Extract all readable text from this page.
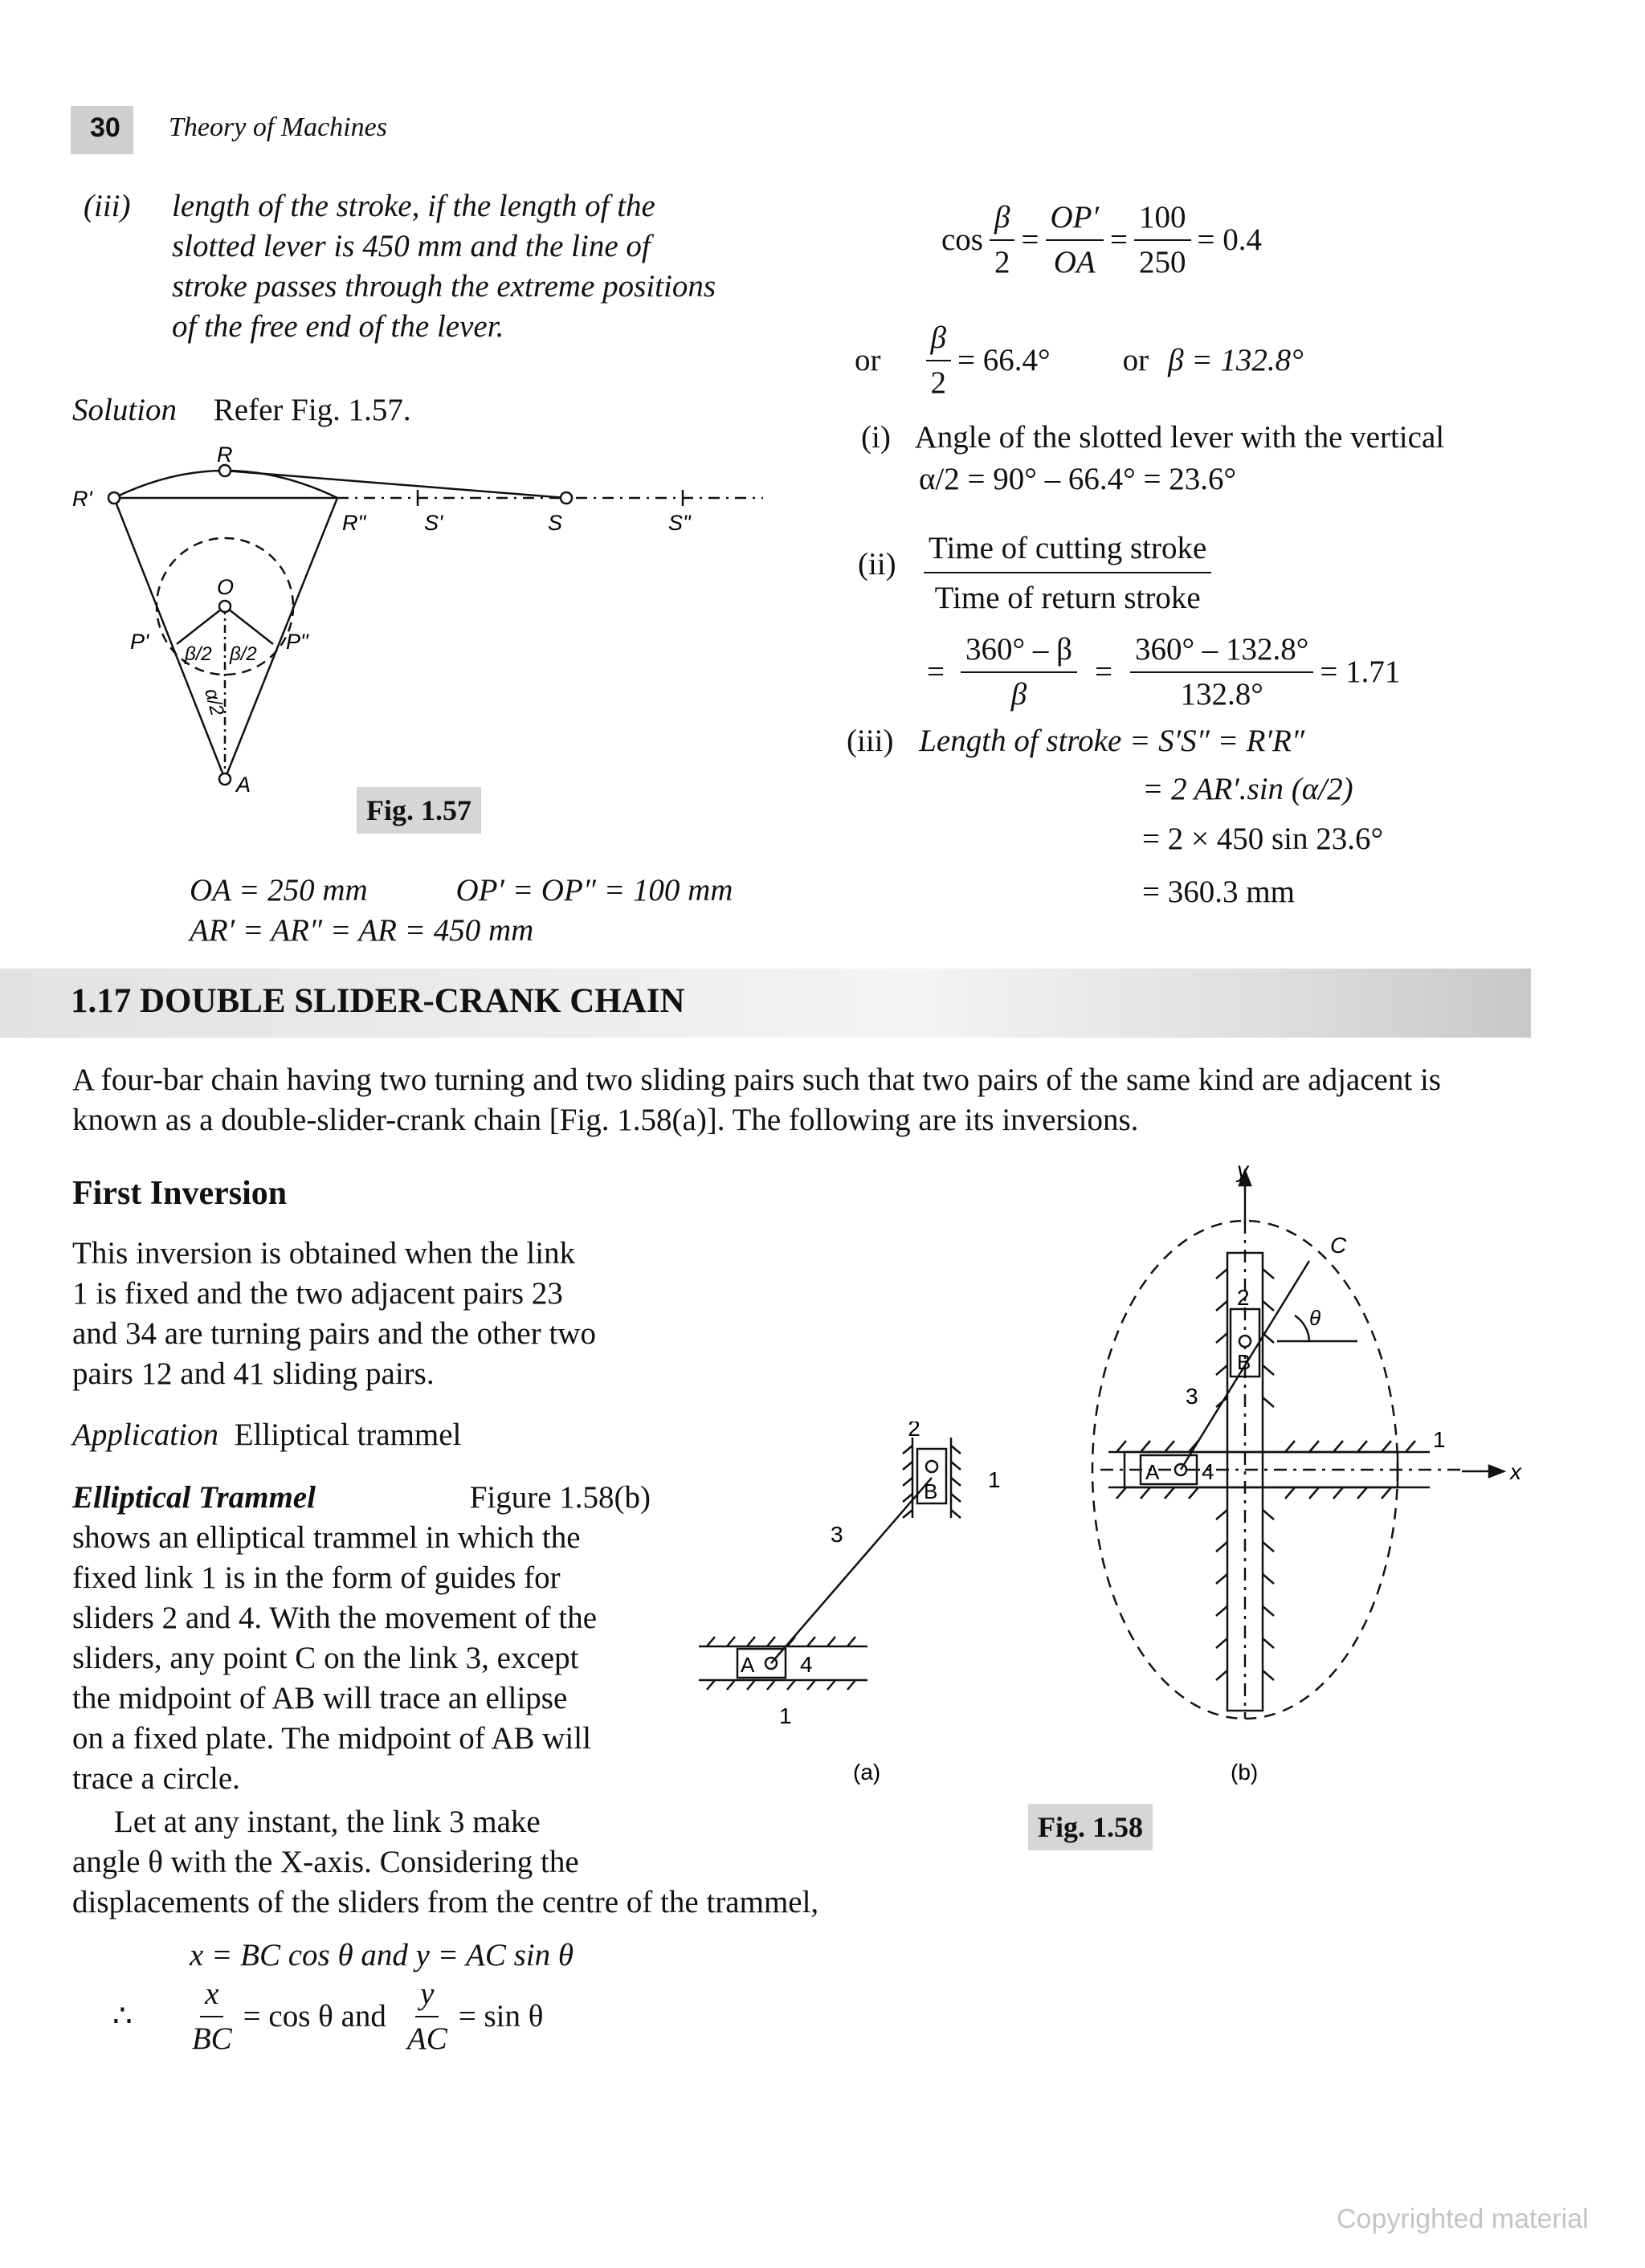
30 Theory of Machines
(iii) length of the stroke, if the length of the
slotted lever is 450 mm and the line of
stroke passes through the extreme positions
of the free end of the lever.
Solution Refer Fig. 1.57.
R
R'
R"	S'	S	S"
O
P'	P"
β/2 β/2
α/2
A
Fig. 1.57
OA = 250 mm	OP′ = OP″ = 100 mm
AR′ = AR″ = AR = 450 mm
$\cos \frac{\beta}{2} = \frac{OP'}{OA} = \frac{100}{250} = 0.4$
or $\frac{\beta}{2} = 66.4^\circ$ or β = 132.8°
(i) Angle of the slotted lever with the vertical
α/2 = 90° – 66.4° = 23.6°
(ii) Time of cutting stroke
Time of return stroke
= $\frac{360^\circ - \beta}{\beta} = \frac{360^\circ - 132.8^\circ}{132.8^\circ} = 1.71$
(iii) Length of stroke = S′S″ = R′R″
= 2 AR′.sin (α/2)
= 2 × 450 sin 23.6°
= 360.3 mm
1.17 DOUBLE SLIDER-CRANK CHAIN
A four-bar chain having two turning and two sliding pairs such that two pairs of the same kind are adjacent is
known as a double-slider-crank chain [Fig. 1.58(a)]. The following are its inversions.
First Inversion
This inversion is obtained when the link
1 is fixed and the two adjacent pairs 23
and 34 are turning pairs and the other two
pairs 12 and 41 sliding pairs.
Application Elliptical trammel
Elliptical Trammel	Figure 1.58(b)
shows an elliptical trammel in which the
fixed link 1 is in the form of guides for
sliders 2 and 4. With the movement of the
sliders, any point C on the link 3, except
the midpoint of AB will trace an ellipse
on a fixed plate. The midpoint of AB will
trace a circle.
Let at any instant, the link 3 make
angle θ with the X-axis. Considering the
displacements of the sliders from the centre of the trammel,
x = BC cos θ and y = AC sin θ
∴ $\frac{x}{BC} = \cos \theta$ and $\frac{y}{AC} = \sin \theta$
2
1
B
3
A 4
1
(a)
y
C
x
θ
2
B
3
A 4
1
(b)
Fig. 1.58
Copyrighted material
